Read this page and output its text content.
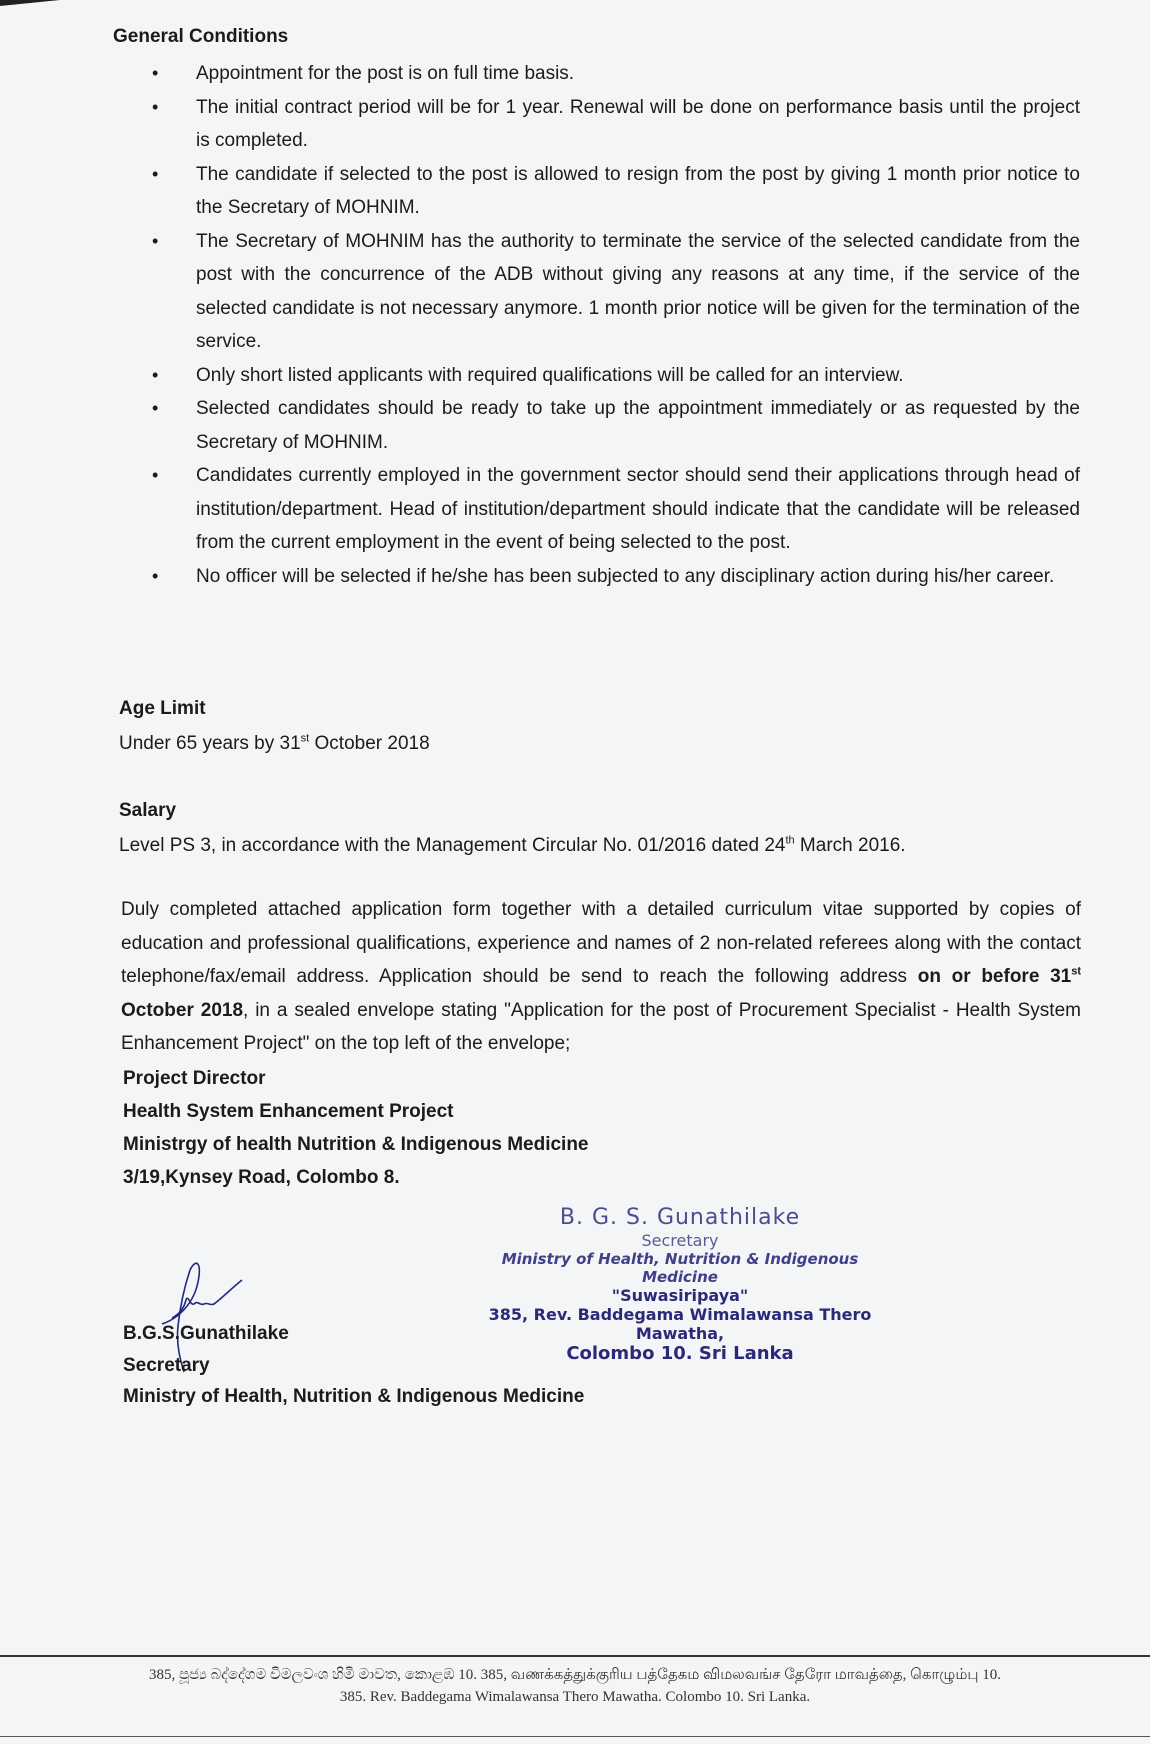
General Conditions
• Appointment for the post is on full time basis.
• The initial contract period will be for 1 year. Renewal will be done on performance basis until the project is completed.
• The candidate if selected to the post is allowed to resign from the post by giving 1 month prior notice to the Secretary of MOHNIM.
• The Secretary of MOHNIM has the authority to terminate the service of the selected candidate from the post with the concurrence of the ADB without giving any reasons at any time, if the service of the selected candidate is not necessary anymore. 1 month prior notice will be given for the termination of the service.
• Only short listed applicants with required qualifications will be called for an interview.
• Selected candidates should be ready to take up the appointment immediately or as requested by the Secretary of MOHNIM.
• Candidates currently employed in the government sector should send their applications through head of institution/department. Head of institution/department should indicate that the candidate will be released from the current employment in the event of being selected to the post.
• No officer will be selected if he/she has been subjected to any disciplinary action during his/her career.
Age Limit
Under 65 years by 31st October 2018
Salary
Level PS 3, in accordance with the Management Circular No. 01/2016 dated 24th March 2016.
Duly completed attached application form together with a detailed curriculum vitae supported by copies of education and professional qualifications, experience and names of 2 non-related referees along with the contact telephone/fax/email address. Application should be send to reach the following address on or before 31st October 2018, in a sealed envelope stating "Application for the post of Procurement Specialist - Health System Enhancement Project" on the top left of the envelope;
Project Director
Health System Enhancement Project
Ministrgy of health Nutrition & Indigenous Medicine
3/19,Kynsey Road, Colombo 8.
B.G.S.Gunathilake
Secretary
Ministry of Health, Nutrition & Indigenous Medicine
B. G. S. Gunathilake
Secretary
Ministry of Health, Nutrition & Indigenous Medicine
"Suwasiripaya"
385, Rev. Baddegama Wimalawansa Thero Mawatha,
Colombo 10. Sri Lanka
385, පූජ්‍ය බද්දේගම විමලවංශ හිමි මාවත, කොළඹ 10. 385, வணக்கத்துக்குரிய பத்தேகம விமலவங்ச தேரோ மாவத்தை, கொழும்பு 10.
385. Rev. Baddegama Wimalawansa Thero Mawatha. Colombo 10. Sri Lanka.
